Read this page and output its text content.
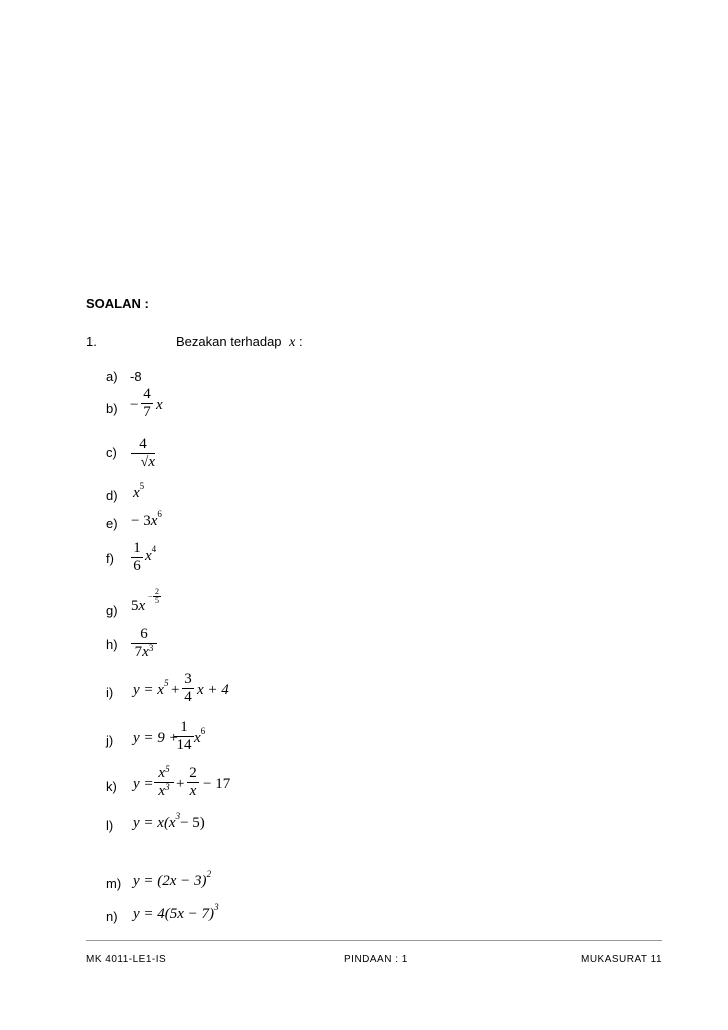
SOALAN :
1.	Bezakan terhadap x :
a) -8
b) −
4
7 x
c)
4
√x
d) $x^5$
$e) - 3x^6$
f)
1
6
$x^4$
g) 5x
−
2
5
h)
6
$7x^3$
i) $y = x^5$ +
3
4 x + 4
j) y = 9 +
1
14 $x^6$
k) y =
$x^5$
$x^3$ +
2
x − 17
l) $y = x(x^3- 5)$
m) $y = (2x - 3)^2$
n) $y = 4(5x - 7)^3$
MK 4011-LE1-IS	PINDAAN : 1	MUKASURAT 11
